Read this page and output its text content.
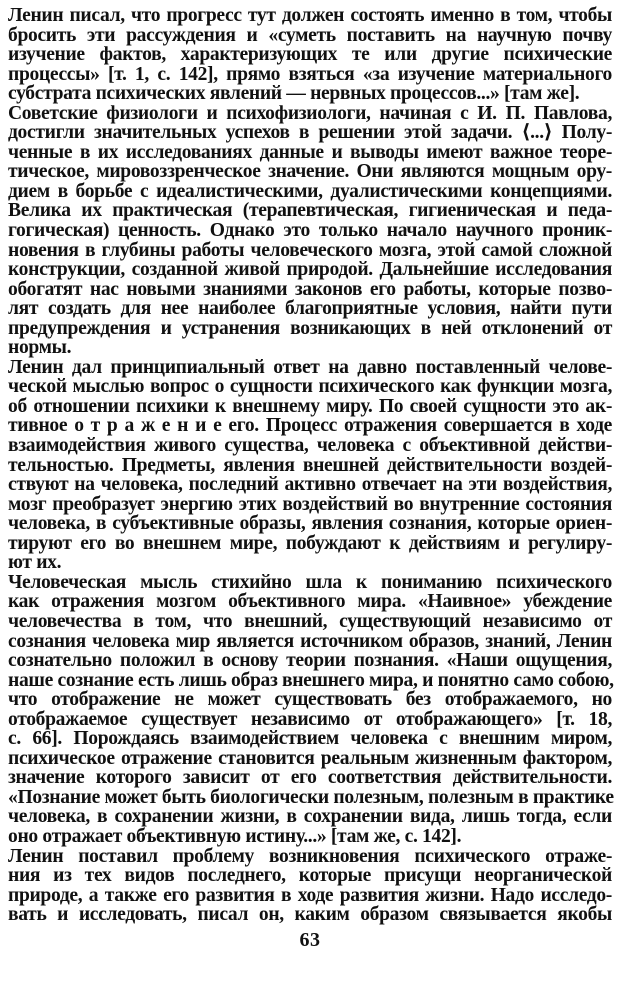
Ленин писал, что прогресс тут должен состоять именно в том, чтобы
бросить эти рассуждения и «суметь поставить на научную почву
изучение фактов, характеризующих те или другие психические
процессы» [т. 1, с. 142], прямо взяться «за изучение материального
субстрата психических явлений — нервных процессов...» [там же].
Советские физиологи и психофизиологи, начиная с И. П. Павлова,
достигли значительных успехов в решении этой задачи. ⟨...⟩ Полу-
ченные в их исследованиях данные и выводы имеют важное теоре-
тическое, мировоззренческое значение. Они являются мощным ору-
дием в борьбе с идеалистическими, дуалистическими концепциями.
Велика их практическая (терапевтическая, гигиеническая и педа-
гогическая) ценность. Однако это только начало научного проник-
новения в глубины работы человеческого мозга, этой самой сложной
конструкции, созданной живой природой. Дальнейшие исследования
обогатят нас новыми знаниями законов его работы, которые позво-
лят создать для нее наиболее благоприятные условия, найти пути
предупреждения и устранения возникающих в ней отклонений от
нормы.
Ленин дал принципиальный ответ на давно поставленный челове-
ческой мыслью вопрос о сущности психического как функции мозга,
об отношении психики к внешнему миру. По своей сущности это ак-
тивное о т р а ж е н и е его. Процесс отражения совершается в ходе
взаимодействия живого существа, человека с объективной действи-
тельностью. Предметы, явления внешней действительности воздей-
ствуют на человека, последний активно отвечает на эти воздействия,
мозг преобразует энергию этих воздействий во внутренние состояния
человека, в субъективные образы, явления сознания, которые ориен-
тируют его во внешнем мире, побуждают к действиям и регулиру-
ют их.
Человеческая мысль стихийно шла к пониманию психического
как отражения мозгом объективного мира. «Наивное» убеждение
человечества в том, что внешний, существующий независимо от
сознания человека мир является источником образов, знаний, Ленин
сознательно положил в основу теории познания. «Наши ощущения,
наше сознание есть лишь образ внешнего мира, и понятно само собою,
что отображение не может существовать без отображаемого, но
отображаемое существует независимо от отображающего» [т. 18,
с. 66]. Порождаясь взаимодействием человека с внешним миром,
психическое отражение становится реальным жизненным фактором,
значение которого зависит от его соответствия действительности.
«Познание может быть биологически полезным, полезным в практике
человека, в сохранении жизни, в сохранении вида, лишь тогда, если
оно отражает объективную истину...» [там же, с. 142].
Ленин поставил проблему возникновения психического отраже-
ния из тех видов последнего, которые присущи неорганической
природе, а также его развития в ходе развития жизни. Надо исследо-
вать и исследовать, писал он, каким образом связывается якобы
63
